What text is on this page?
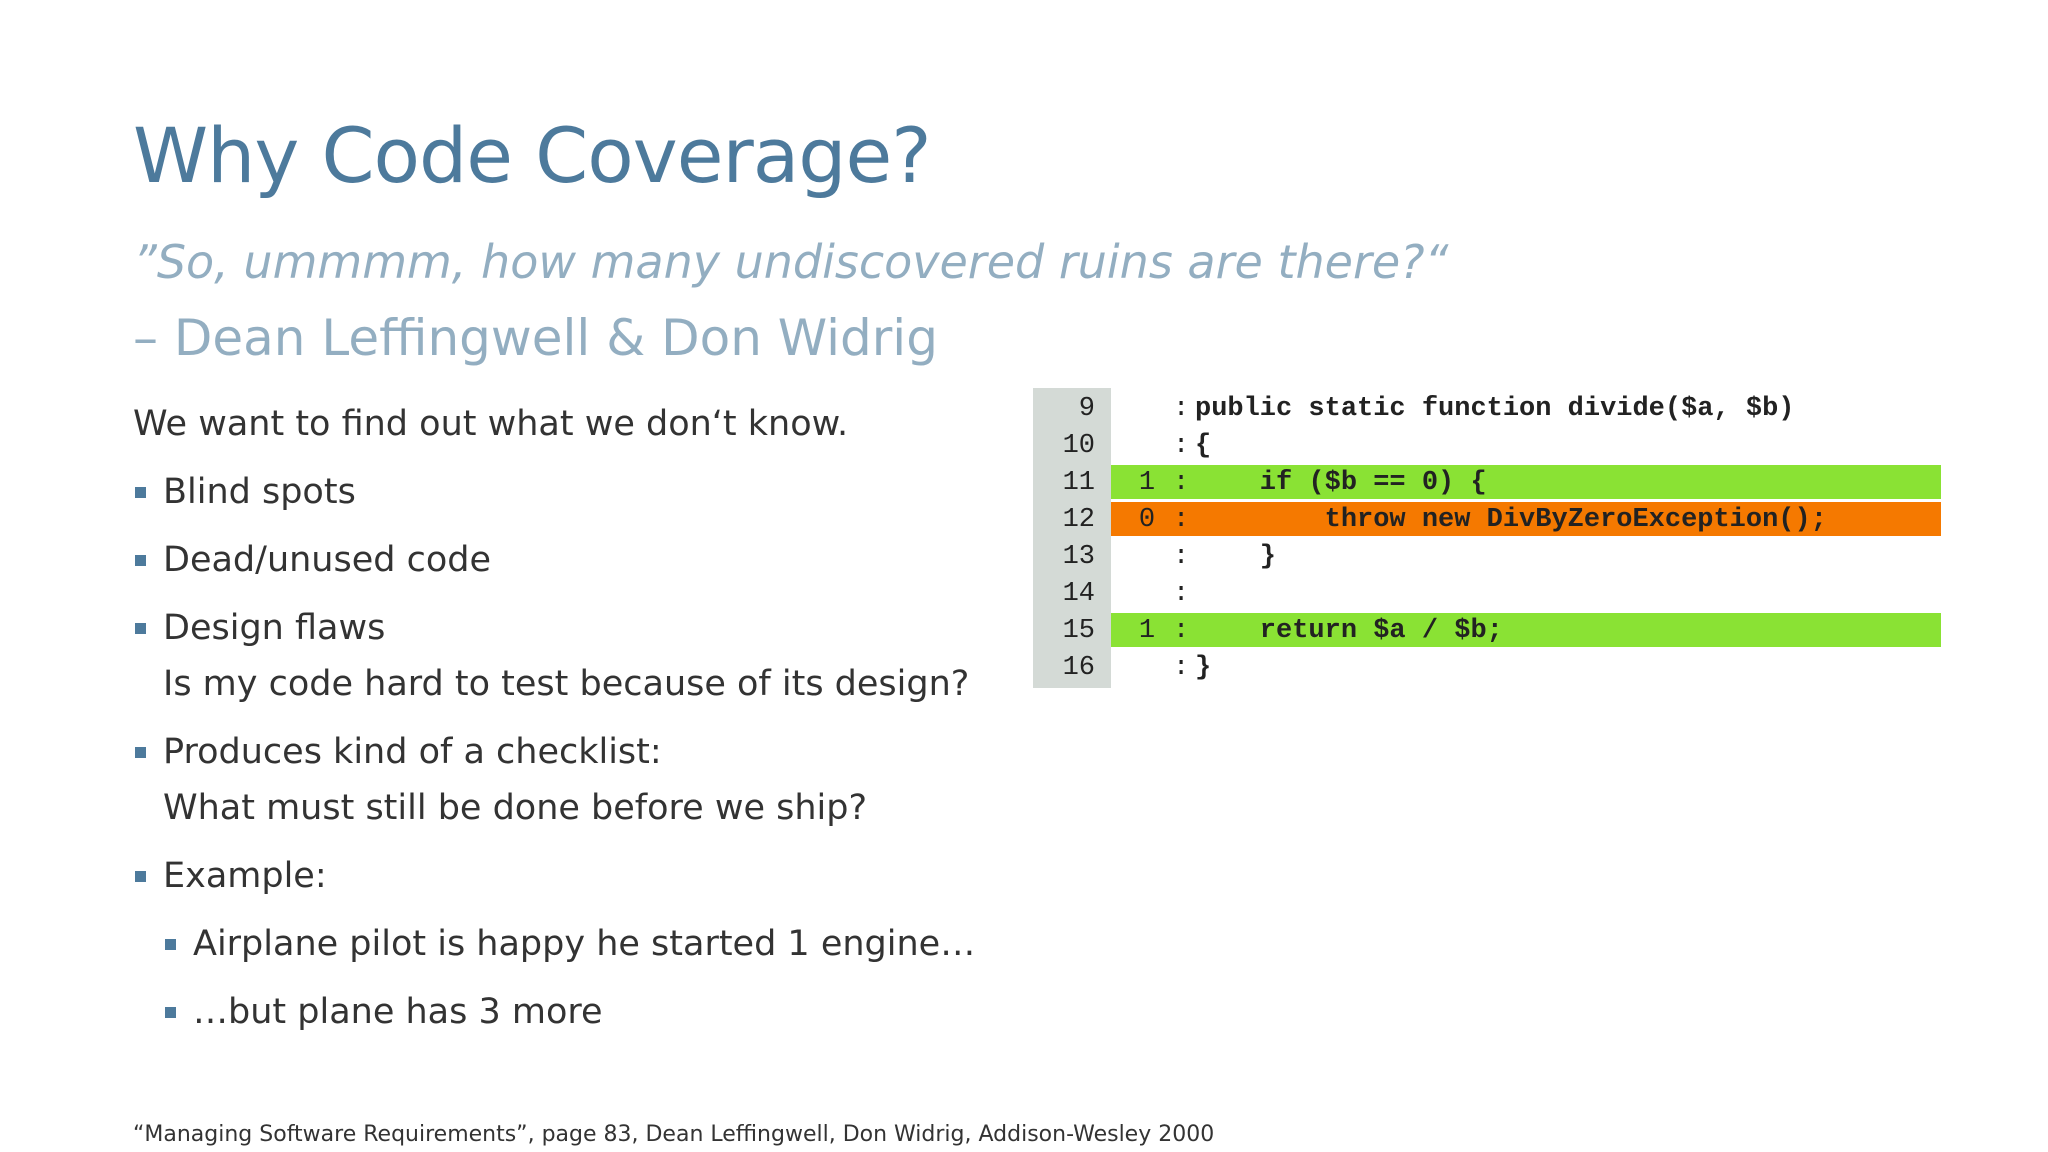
Why Code Coverage?
”So, ummmm, how many undiscovered ruins are there?“
– Dean Leffingwell & Don Widrig
We want to find out what we don‘t know.
Blind spots
Dead/unused code
Design flaws
Is my code hard to test because of its design?
Produces kind of a checklist:
What must still be done before we ship?
Example:
Airplane pilot is happy he started 1 engine…
…but plane has 3 more
9	: public static function divide($a, $b)
10	: {
11 1 : if ($b == 0) {
12 0 : throw new DivByZeroException();
13	: }
14	:
15 1 : return $a / $b;
16	: }
“Managing Software Requirements”, page 83, Dean Leffingwell, Don Widrig, Addison-Wesley 2000
